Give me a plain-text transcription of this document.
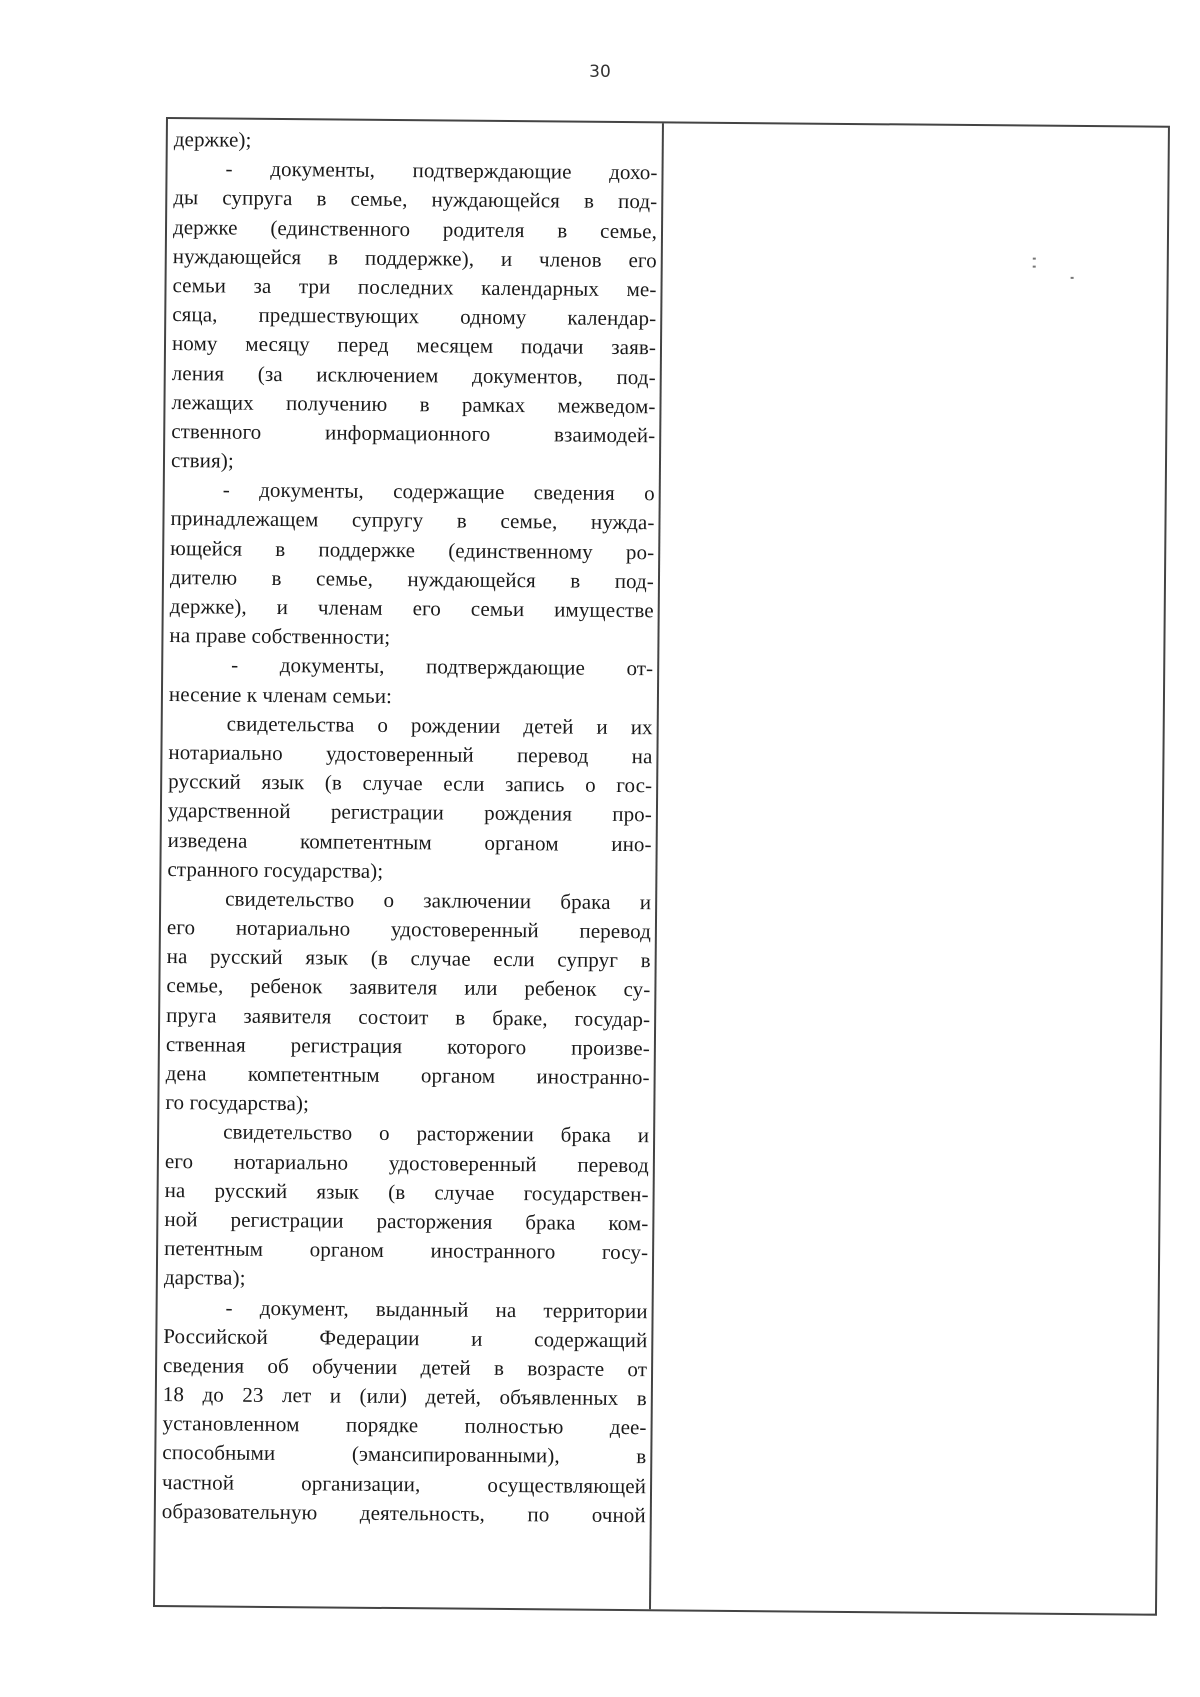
30
держке);
- документы, подтверждающие дохо-
ды супруга в семье, нуждающейся в под-
держке (единственного родителя в семье,
нуждающейся в поддержке), и членов его
семьи за три последних календарных ме-
сяца, предшествующих одному календар-
ному месяцу перед месяцем подачи заяв-
ления (за исключением документов, под-
лежащих получению в рамках межведом-
ственного информационного взаимодей-
ствия);
- документы, содержащие сведения о
принадлежащем супругу в семье, нужда-
ющейся в поддержке (единственному ро-
дителю в семье, нуждающейся в под-
держке), и членам его семьи имуществе
на праве собственности;
- документы, подтверждающие от-
несение к членам семьи:
свидетельства о рождении детей и их
нотариально удостоверенный перевод на
русский язык (в случае если запись о гос-
ударственной регистрации рождения про-
изведена компетентным органом ино-
странного государства);
свидетельство о заключении брака и
его нотариально удостоверенный перевод
на русский язык (в случае если супруг в
семье, ребенок заявителя или ребенок су-
пруга заявителя состоит в браке, государ-
ственная регистрация которого произве-
дена компетентным органом иностранно-
го государства);
свидетельство о расторжении брака и
его нотариально удостоверенный перевод
на русский язык (в случае государствен-
ной регистрации расторжения брака ком-
петентным органом иностранного госу-
дарства);
- документ, выданный на территории
Российской Федерации и содержащий
сведения об обучении детей в возрасте от
18 до 23 лет и (или) детей, объявленных в
установленном порядке полностью дее-
способными (эмансипированными), в
частной организации, осуществляющей
образовательную деятельность, по очной
